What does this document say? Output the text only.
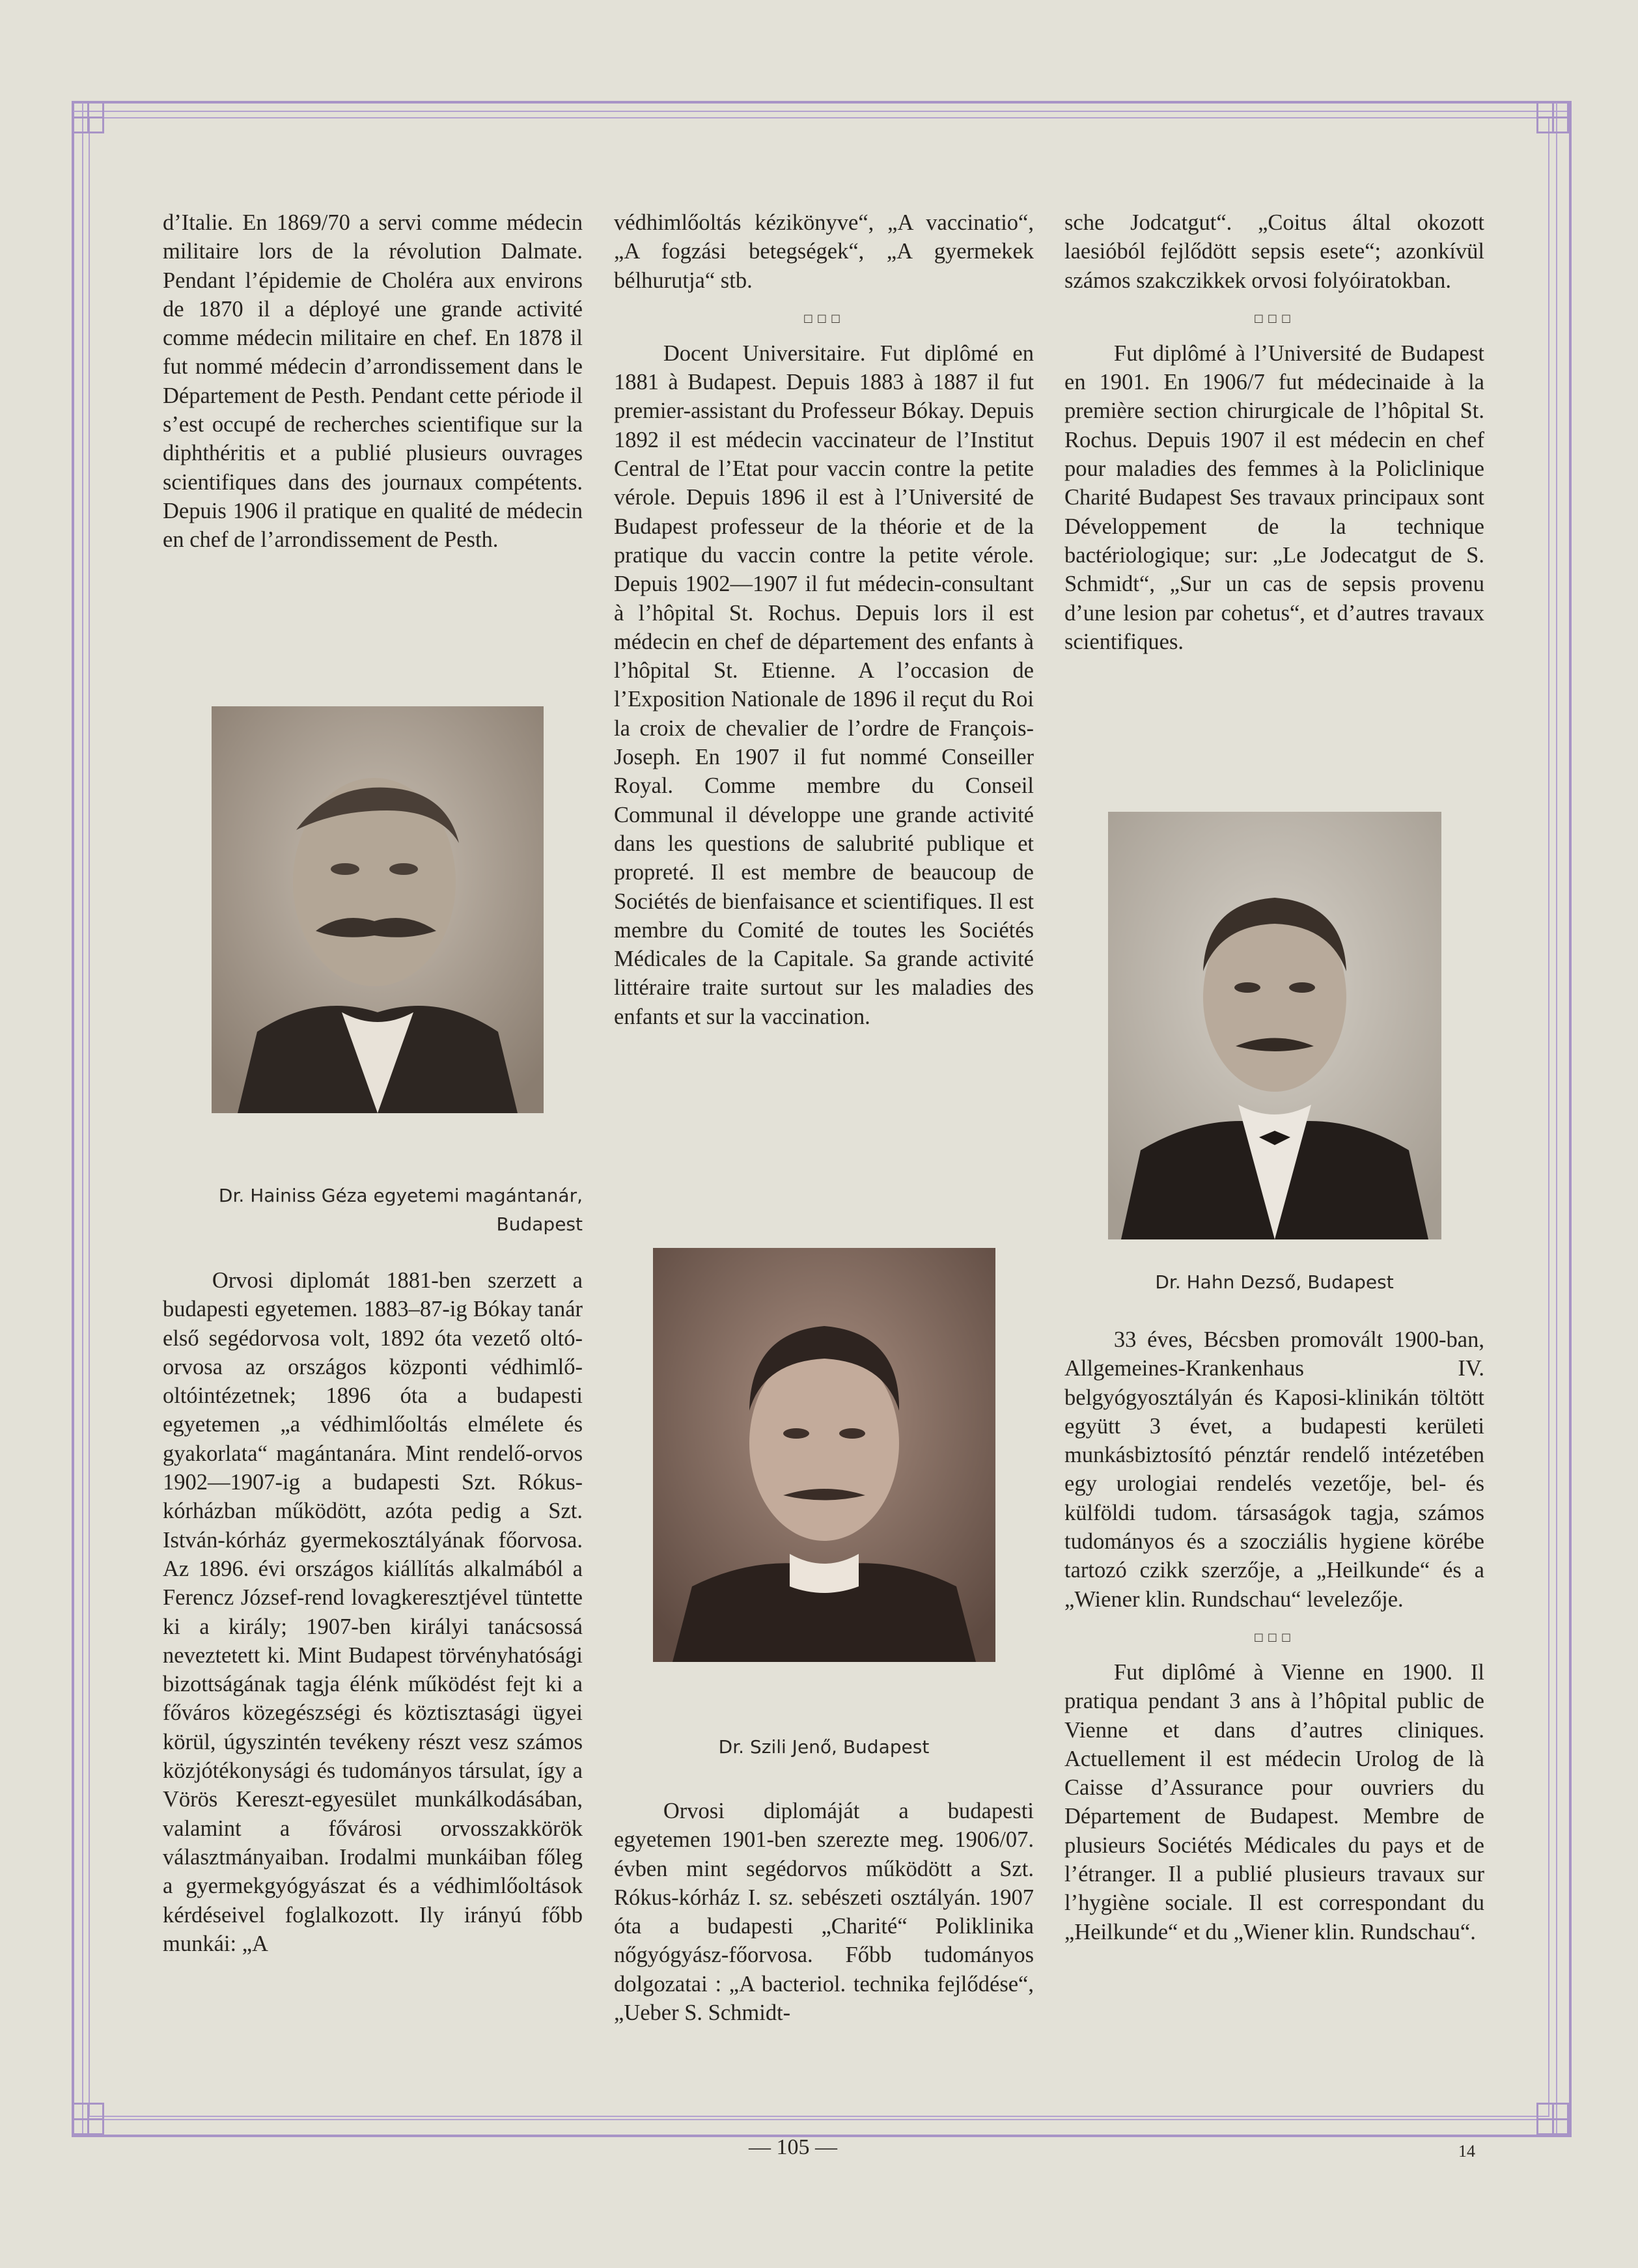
d’Italie. En 1869/70 a servi comme médecin militaire lors de la révolution Dalmate. Pendant l’épidemie de Choléra aux environs de 1870 il a déployé une grande activité comme médecin militaire en chef. En 1878 il fut nommé médecin d’arrondissement dans le Département de Pesth. Pendant cette période il s’est occupé de recherches scientifique sur la diphthéritis et a publié plusieurs ouvrages scientifiques dans des journaux compétents. Depuis 1906 il pratique en qualité de médecin en chef de l’arrondissement de Pesth.

Dr. Hainiss Géza egyetemi magántanár,
Budapest

Orvosi diplomát 1881-ben szerzett a budapesti egyetemen. 1883–87-ig Bókay tanár első segédorvosa volt, 1892 óta vezető oltó-orvosa az országos központi védhimlő-oltóintézetnek; 1896 óta a budapesti egyetemen „a védhimlőoltás elmélete és gyakorlata“ magántanára. Mint rendelő-orvos 1902—1907-ig a budapesti Szt. Rókus-kórházban működött, azóta pedig a Szt. István-kórház gyermekosztályának főorvosa. Az 1896. évi országos kiállítás alkalmából a Ferencz József-rend lovagkeresztjével tüntette ki a király; 1907-ben királyi tanácsossá neveztetett ki. Mint Budapest törvényhatósági bizottságának tagja élénk működést fejt ki a főváros közegészségi és köztisztasági ügyei körül, úgyszintén tevékeny részt vesz számos közjótékonysági és tudományos társulat, így a Vörös Kereszt-egyesület munkálkodásában, valamint a fővárosi orvosszakkörök választmányaiban. Irodalmi munkáiban főleg a gyermekgyógyászat és a védhimlőoltások kérdéseivel foglalkozott. Ily irányú főbb munkái: „A

védhimlőoltás kézikönyve“, „A vaccinatio“, „A fogzási betegségek“, „A gyermekek bélhurutja“ stb.

□□□

Docent Universitaire. Fut diplômé en 1881 à Budapest. Depuis 1883 à 1887 il fut premier-assistant du Professeur Bókay. Depuis 1892 il est médecin vaccinateur de l’Institut Central de l’Etat pour vaccin contre la petite vérole. Depuis 1896 il est à l’Université de Budapest professeur de la théorie et de la pratique du vaccin contre la petite vérole. Depuis 1902—1907 il fut médecin-consultant à l’hôpital St. Rochus. Depuis lors il est médecin en chef de département des enfants à l’hôpital St. Etienne. A l’occasion de l’Exposition Nationale de 1896 il reçut du Roi la croix de chevalier de l’ordre de François-Joseph. En 1907 il fut nommé Conseiller Royal. Comme membre du Conseil Communal il développe une grande activité dans les questions de salubrité publique et propreté. Il est membre de beaucoup de Sociétés de bienfaisance et scientifiques. Il est membre du Comité de toutes les Sociétés Médicales de la Capitale. Sa grande activité littéraire traite surtout sur les maladies des enfants et sur la vaccination.

Dr. Szili Jenő, Budapest

Orvosi diplomáját a budapesti egyetemen 1901-ben szerezte meg. 1906/07. évben mint segédorvos működött a Szt. Rókus-kórház I. sz. sebészeti osztályán. 1907 óta a budapesti „Charité“ Poliklinika nőgyógyász-főorvosa. Főbb tudományos dolgozatai : „A bacteriol. technika fejlődése“, „Ueber S. Schmidt-

sche Jodcatgut“. „Coitus által okozott laesióból fejlődött sepsis esete“; azonkívül számos szakczikkek orvosi folyóiratokban.

□□□

Fut diplômé à l’Université de Budapest en 1901. En 1906/7 fut médecinaide à la première section chirurgicale de l’hôpital St. Rochus. Depuis 1907 il est médecin en chef pour maladies des femmes à la Policlinique Charité Budapest Ses travaux principaux sont Développement de la technique bactériologique; sur: „Le Jodecatgut de S. Schmidt“, „Sur un cas de sepsis provenu d’une lesion par cohetus“, et d’autres travaux scientifiques.

Dr. Hahn Dezső, Budapest

33 éves, Bécsben promovált 1900-ban, Allgemeines-Krankenhaus IV. belgyógyosztályán és Kaposi-klinikán töltött együtt 3 évet, a budapesti kerületi munkásbiztosító pénztár rendelő intézetében egy urologiai rendelés vezetője, bel- és külföldi tudom. társaságok tagja, számos tudományos és a szocziális hygiene körébe tartozó czikk szerzője, a „Heilkunde“ és a „Wiener klin. Rundschau“ levelezője.

□□□

Fut diplômé à Vienne en 1900. Il pratiqua pendant 3 ans à l’hôpital public de Vienne et dans d’autres cliniques. Actuellement il est médecin Urolog de là Caisse d’Assurance pour ouvriers du Département de Budapest. Membre de plusieurs Sociétés Médicales du pays et de l’étranger. Il a publié plusieurs travaux sur l’hygiène sociale. Il est correspondant du „Heilkunde“ et du „Wiener klin. Rundschau“.

— 105 —	14
